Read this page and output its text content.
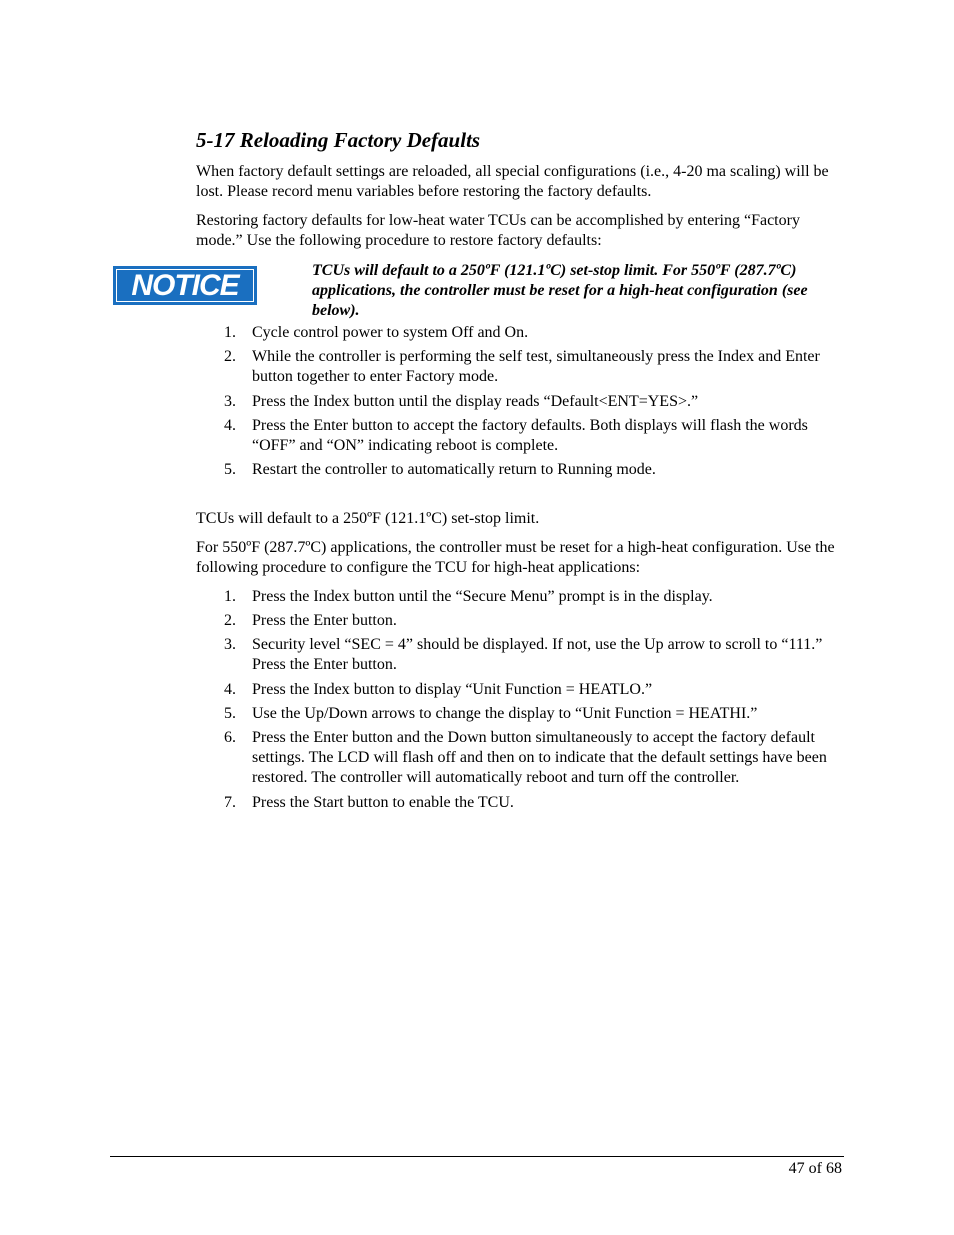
5-17 Reloading Factory Defaults
When factory default settings are reloaded, all special configurations (i.e., 4-20 ma scaling) will be lost. Please record menu variables before restoring the factory defaults.
Restoring factory defaults for low-heat water TCUs can be accomplished by entering “Factory mode.” Use the following procedure to restore factory defaults:
NOTICE	TCUs will default to a 250ºF (121.1ºC) set-stop limit. For 550ºF (287.7ºC) applications, the controller must be reset for a high-heat configuration (see below).
1. Cycle control power to system Off and On.
2. While the controller is performing the self test, simultaneously press the Index and Enter button together to enter Factory mode.
3. Press the Index button until the display reads “Default<ENT=YES>.”
4. Press the Enter button to accept the factory defaults. Both displays will flash the words “OFF” and “ON” indicating reboot is complete.
5. Restart the controller to automatically return to Running mode.
TCUs will default to a 250ºF (121.1ºC) set-stop limit.
For 550ºF (287.7ºC) applications, the controller must be reset for a high-heat configuration. Use the following procedure to configure the TCU for high-heat applications:
1. Press the Index button until the “Secure Menu” prompt is in the display.
2. Press the Enter button.
3. Security level “SEC = 4” should be displayed. If not, use the Up arrow to scroll to “111.” Press the Enter button.
4. Press the Index button to display “Unit Function = HEATLO.”
5. Use the Up/Down arrows to change the display to “Unit Function = HEATHI.”
6. Press the Enter button and the Down button simultaneously to accept the factory default settings. The LCD will flash off and then on to indicate that the default settings have been restored. The controller will automatically reboot and turn off the controller.
7. Press the Start button to enable the TCU.
47 of 68
